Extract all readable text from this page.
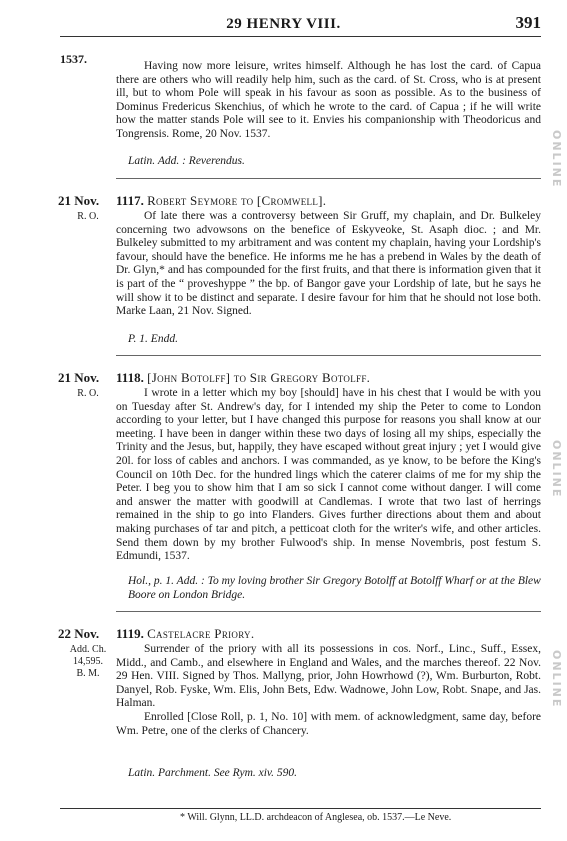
29 HENRY VIII.	391
1537.	Having now more leisure, writes himself. Although he has lost the card. of Capua there are others who will readily help him, such as the card. of St. Cross, who is at present ill, but to whom Pole will speak in his favour as soon as possible. As to the business of Dominus Fredericus Skenchius, of which he wrote to the card. of Capua ; if he will write how the matter stands Pole will see to it. Envies his companionship with Theodoricus and Tongrensis. Rome, 20 Nov. 1537.

Latin. Add. : Reverendus.
21 Nov. 1117. Robert Seymore to [Cromwell].
R. O.	Of late there was a controversy between Sir Gruff, my chaplain, and Dr. Bulkeley concerning two advowsons on the benefice of Eskyveoke, St. Asaph dioc. ; and Mr. Bulkeley submitted to my arbitrament and was content my chaplain, having your Lordship's favour, should have the benefice. He informs me he has a prebend in Wales by the death of Dr. Glyn,* and has compounded for the first fruits, and that there is information given that it is part of the “ proveshyppe ” the bp. of Bangor gave your Lordship of late, but he says he will show it to be distinct and separate. I desire favour for him that he should not lose both. Marke Laan, 21 Nov. Signed.

P. 1. Endd.
21 Nov. 1118. [John Botolff] to Sir Gregory Botolff.
R. O.	I wrote in a letter which my boy [should] have in his chest that I would be with you on Tuesday after St. Andrew's day, for I intended my ship the Peter to come to London according to your letter, but I have changed this purpose for reasons you shall know at our meeting. I have been in danger within these two days of losing all my ships, especially the Trinity and the Jesus, but, happily, they have escaped without great injury ; yet I would give 20l. for loss of cables and anchors. I was commanded, as ye know, to be before the King's Council on 10th Dec. for the hundred lings which the caterer claims of me for my ship the Peter. I beg you to show him that I am so sick I cannot come without danger. I will come and answer the matter with goodwill at Candlemas. I wrote that two last of herrings remained in the ship to go into Flanders. Gives further directions about them and about making purchases of tar and pitch, a petticoat cloth for the writer's wife, and other articles. Send them down by my brother Fulwood's ship. In mense Novembris, post festum S. Edmundi, 1537.

Hol., p. 1. Add. : To my loving brother Sir Gregory Botolff at Botolff Wharf or at the Blew Boore on London Bridge.
22 Nov. 1119. Castelacre Priory.
Add. Ch.
14,595.
B. M.

Surrender of the priory with all its possessions in cos. Norf., Linc., Suff., Essex, Midd., and Camb., and elsewhere in England and Wales, and the marches thereof. 22 Nov. 29 Hen. VIII. Signed by Thos. Mallyng, prior, John Howrhowd (?), Wm. Burburton, Robt. Danyel, Rob. Fyske, Wm. Elis, John Bets, Edw. Wadnowe, John Low, Robt. Snape, and Jas. Halman.

Enrolled [Close Roll, p. 1, No. 10] with mem. of acknowledgment, same day, before Wm. Petre, one of the clerks of Chancery.

Latin. Parchment. See Rym. xiv. 590.
* Will. Glynn, LL.D. archdeacon of Anglesea, ob. 1537.—Le Neve.
ONLINE
ONLINE
ONLINE
